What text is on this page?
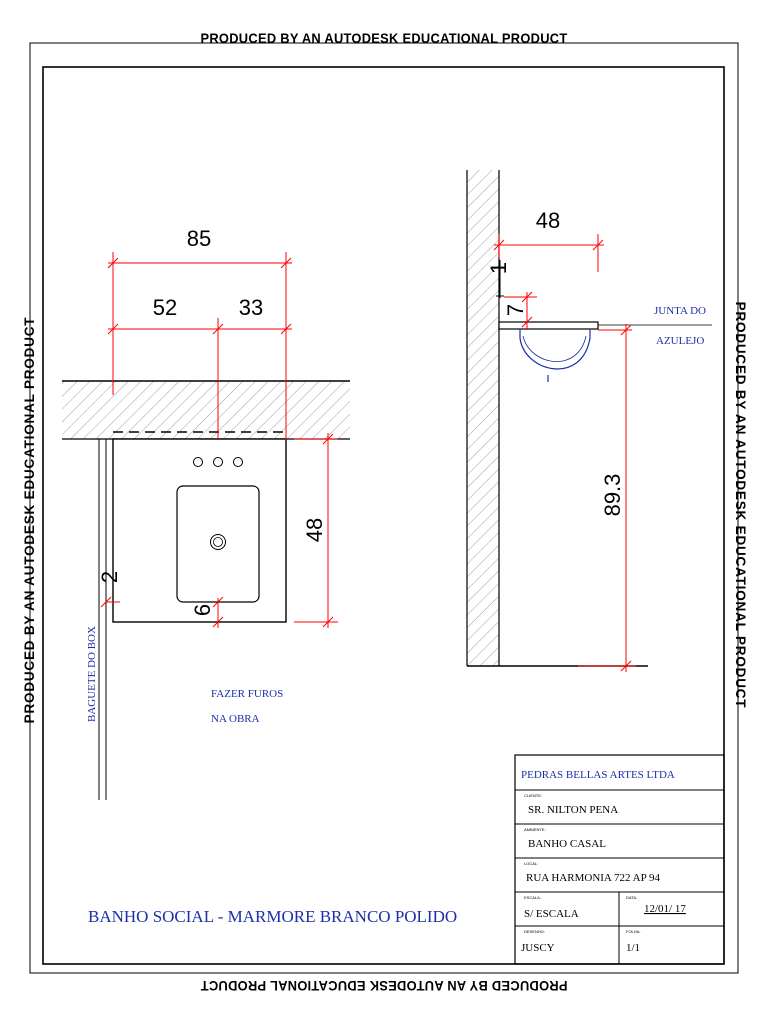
PRODUCED BY AN AUTODESK EDUCATIONAL PRODUCT
PRODUCED BY AN AUTODESK EDUCATIONAL PRODUCT
PRODUCED BY AN AUTODESK EDUCATIONAL PRODUCT	PRODUCED BY AN AUTODESK EDUCATIONAL PRODUCT
85
52	33
48
6
2
BAGUETE DO BOX	FAZER FUROS
NA OBRA
48
1
7
89.3
JUNTA DO
AZULEJO
BANHO SOCIAL - MARMORE BRANCO POLIDO
PEDRAS BELLAS ARTES LTDA
CLIENTE:
SR. NILTON PENA
AMBIENTE:
BANHO CASAL
LOCAL:
RUA HARMONIA 722 AP 94
ESCALA:
S/ ESCALA
DATA:
12/01/ 17
DESENHO:
JUSCY
FOLHA:
1/1
